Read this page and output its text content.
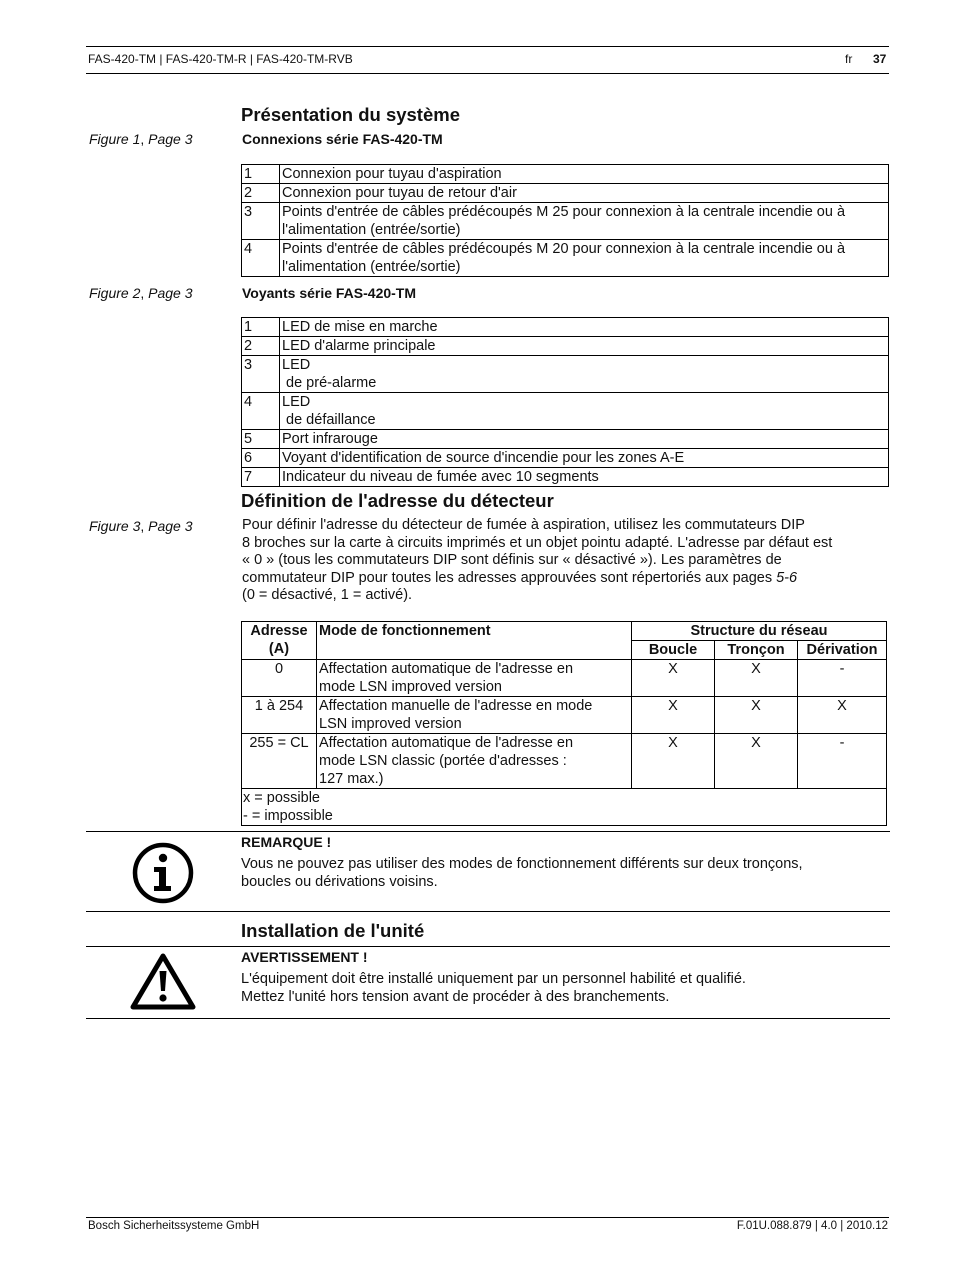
FAS-420-TM | FAS-420-TM-R | FAS-420-TM-RVB	fr 37
Présentation du système
Figure 1, Page 3	Connexions série FAS-420-TM
1	Connexion pour tuyau d'aspiration

2	Connexion pour tuyau de retour d'air

3	Points d'entrée de câbles prédécoupés M 25 pour connexion à la centrale incendie ou à
l'alimentation (entrée/sortie)

4	Points d'entrée de câbles prédécoupés M 20 pour connexion à la centrale incendie ou à
l'alimentation (entrée/sortie)
Figure 2, Page 3	Voyants série FAS-420-TM
1	LED de mise en marche

2	LED d'alarme principale

3	LED
de pré-alarme

4	LED
de défaillance

5	Port infrarouge

6	Voyant d'identification de source d'incendie pour les zones A-E

7	Indicateur du niveau de fumée avec 10 segments
Définition de l'adresse du détecteur
Figure 3, Page 3	Pour définir l'adresse du détecteur de fumée à aspiration, utilisez les commutateurs DIP
8 broches sur la carte à circuits imprimés et un objet pointu adapté. L'adresse par défaut est
« 0 » (tous les commutateurs DIP sont définis sur « désactivé »). Les paramètres de
commutateur DIP pour toutes les adresses approuvées sont répertoriés aux pages 5-6
(0 = désactivé, 1 = activé).
Adresse
(A)	Mode de fonctionnement	Structure du réseau		
		Boucle	Tronçon	Dérivation
0	Affectation automatique de l'adresse en
mode LSN improved version	X	X	-
1 à 254	Affectation manuelle de l'adresse en mode
LSN improved version	X	X	X
255 = CL	Affectation automatique de l'adresse en
mode LSN classic (portée d'adresses :
127 max.)	X	X	-

x = possible
- = impossible				
REMARQUE !
Vous ne pouvez pas utiliser des modes de fonctionnement différents sur deux tronçons,
boucles ou dérivations voisins.
Installation de l'unité
AVERTISSEMENT !
L'équipement doit être installé uniquement par un personnel habilité et qualifié.
Mettez l'unité hors tension avant de procéder à des branchements.
Bosch Sicherheitssysteme GmbH	F.01U.088.879 | 4.0 | 2010.12
